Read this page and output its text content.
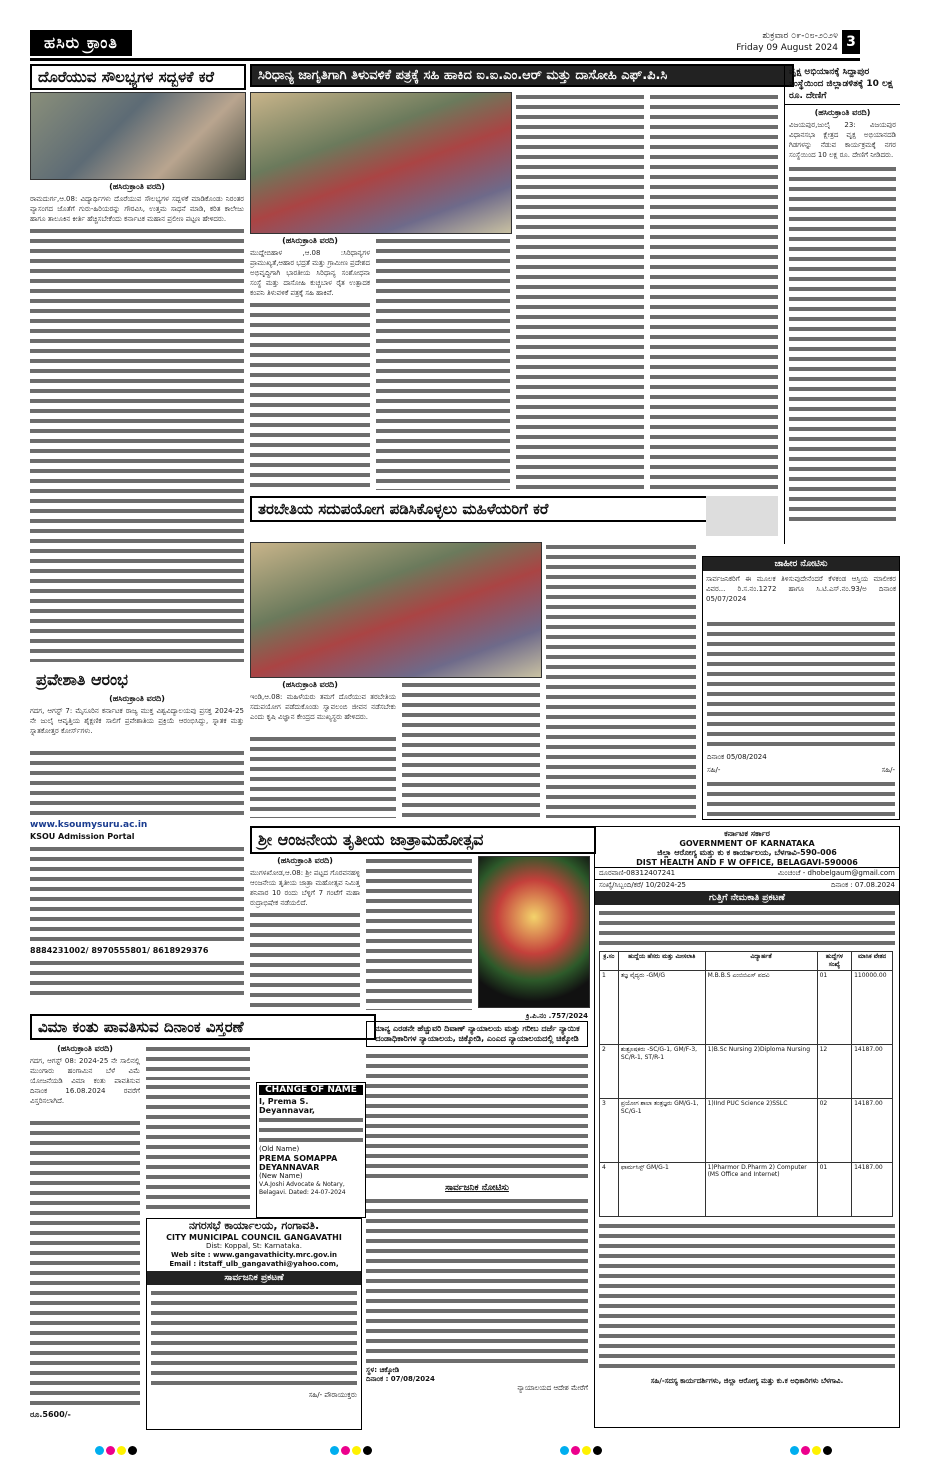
ಹಸಿರು ಕ್ರಾಂತಿ	ಶುಕ್ರವಾರ ೦೯-೦೮-೨೦೨೪
Friday 09 August 2024 3
ದೊರೆಯುವ ಸೌಲಭ್ಯಗಳ ಸದ್ಬಳಕೆ ಕರೆ
(ಹಸಿರುಕ್ರಾಂತಿ ವರದಿ)
ರಾಮದುರ್ಗ,ಆ.08: ವಿದ್ಯಾರ್ಥಿಗಳು ದೊರೆಯುವ ಸೌಲಭ್ಯಗಳ ಸದ್ಬಳಕೆ ಮಾಡಿಕೊಂಡು ನಿರಂತರ ವ್ಯಾಸಂಗದ ಜೊತೆಗೆ ಗುರು-ಹಿರಿಯರನ್ನು ಗೌರವಿಸಿ, ಉತ್ತಮ ಸಾಧನೆ ಮಾಡಿ, ಕರಿತ ಕಾಲೇಜು ಹಾಗೂ ತಾಲೂಕಿನ ಕೀರ್ತಿ ಹೆಚ್ಚಿಸಬೇಕೆಂದು ಕರ್ನಾಟಕ ಮಹಾನ ಪ್ರಲೀಣ ಪಟ್ಟಣ ಹೇಳಿದರು.
ಸಿರಿಧಾನ್ಯ ಜಾಗೃತಿಗಾಗಿ ತಿಳುವಳಿಕೆ ಪತ್ರಕ್ಕೆ ಸಹಿ ಹಾಕಿದ ಐ.ಐ.ಎಂ.ಆರ್ ಮತ್ತು ದಾಸೋಹಿ ಎಫ್.ಪಿ.ಸಿ
(ಹಸಿರುಕ್ರಾಂತಿ ವರದಿ)
ಮುದ್ದೇಬಿಹಾಳ ,ಆ.08 :ಸಿರಿಧಾನ್ಯಗಳ ಪ್ರಾಮುಖ್ಯತೆ,ಆಹಾರ ಭದ್ರತೆ ಮತ್ತು ಗ್ರಾಮೀಣ ಪ್ರದೇಶದ ಅಭಿವೃದ್ಧಿಗಾಗಿ ಭಾರತೀಯ ಸಿರಿಧಾನ್ಯ ಸಂಶೋಧನಾ ಸಂಸ್ಥೆ ಮತ್ತು ದಾಸೋಹಿ ಕುಚ್ಚಬಾಳ ರೈತ ಉತ್ಪಾದಕ ಕಂಪನಿ ತಿಳುವಳಿಕೆ ಪತ್ರಕ್ಕೆ ಸಹಿ ಹಾಕಿವೆ.
ವೃಕ್ಷ ಅಭಿಯಾನಕ್ಕೆ ಸಿದ್ದಾಪುರ ಸಂಸ್ಥೆಯಿಂದ ಜಿಲ್ಲಾಡಳಿತಕ್ಕೆ 10 ಲಕ್ಷ ರೂ. ದೇಣಿಗೆ
(ಹಸಿರುಕ್ರಾಂತಿ ವರದಿ)
ವಿಜಯಪುರ,ಜುಲೈ 23: ವಿಜಯಪುರ ವಿಧಾನಸಭಾ ಕ್ಷೇತ್ರದ ವೃಕ್ಷ ಅಭಿಯಾನದಡಿ ಗಿಡಗಳನ್ನು ನೆಡುವ ಕಾರ್ಯಕ್ರಮಕ್ಕೆ ನಗರ ಸಂಸ್ಥೆಯಿಂದ 10 ಲಕ್ಷ ರೂ. ದೇಣಿಗೆ ನೀಡಿದರು.
ತರಬೇತಿಯ ಸದುಪಯೋಗ ಪಡಿಸಿಕೊಳ್ಳಲು ಮಹಿಳೆಯರಿಗೆ ಕರೆ
(ಹಸಿರುಕ್ರಾಂತಿ ವರದಿ)
ಇಂಡಿ,ಆ.08: ಮಹಿಳೆಯರು ತಮಗೆ ದೊರೆಯುವ ತರಬೇತಿಯ ಸದುಪಯೋಗ ಪಡೆದುಕೊಂಡು ಸ್ವಾವಲಂಬಿ ಜೀವನ ನಡೆಸಬೇಕು ಎಂದು ಕೃಷಿ ವಿಜ್ಞಾನ ಕೇಂದ್ರದ ಮುಖ್ಯಸ್ಥರು ಹೇಳಿದರು.
ಜಾಹೀರ ನೋಟಿಸು
ಸಾರ್ವಜನಿಕರಿಗೆ ಈ ಮೂಲಕ ತಿಳಿಸುವುದೇನೆಂದರೆ ಕೆಳಕಂಡ ಆಸ್ತಿಯ ಮಾಲೀಕರ ವಿವರ... ರಿ.ಸ.ನಂ.1272 ಹಾಗೂ ಸಿ.ಟಿ.ಎಸ್.ನಂ.93/ಅ ದಿನಾಂಕ 05/07/2024
ದಿನಾಂಕ 05/08/2024
ಸಹಿ/-	ಸಹಿ/-
ಪ್ರವೇಶಾತಿ ಆರಂಭ
(ಹಸಿರುಕ್ರಾಂತಿ ವರದಿ)
ಗದಗ, ಆಗಸ್ಟ್ 7: ಮೈಸೂರಿನ ಕರ್ನಾಟಕ ರಾಜ್ಯ ಮುಕ್ತ ವಿಶ್ವವಿದ್ಯಾಲಯವು ಪ್ರಸಕ್ತ 2024-25 ನೇ ಜುಲೈ ಆವೃತ್ತಿಯ ಶೈಕ್ಷಣಿಕ ಸಾಲಿಗೆ ಪ್ರವೇಶಾತಿಯ ಪ್ರಕ್ರಿಯೆ ಆರಂಭಿಸಿದ್ದು, ಸ್ನಾತಕ ಮತ್ತು ಸ್ನಾತಕೋತ್ತರ ಕೋರ್ಸ್‌ಗಳು.
www.ksoumysuru.ac.in
KSOU Admission Portal
8884231002/ 8970555801/ 8618929376
ಶ್ರೀ ಆಂಜನೇಯ ತೃತೀಯ ಜಾತ್ರಾಮಹೋತ್ಸವ
(ಹಸಿರುಕ್ರಾಂತಿ ವರದಿ)
ಮುಗಳಖೋಡ,ಆ.08: ಶ್ರೀ ಪಟ್ಟದ ಗೊರವನಹಳ್ಳಿ ಆಂಜನೇಯ ತೃತೀಯ ಜಾತ್ರಾ ಮಹೋತ್ಸವ ನಿಮಿತ್ತ ಶನಿವಾರ 10 ರಂದು ಬೆಳ್ಳಿಗೆ 7 ಗಂಟೆಗೆ ಮಹಾ ರುದ್ರಾಭಿಷೇಕ ನಡೆಯಲಿದೆ.
ಕರ್ನಾಟಕ ಸರ್ಕಾರ
GOVERNMENT OF KARNATAKA
ಜಿಲ್ಲಾ ಆರೋಗ್ಯ ಮತ್ತು ಕು ಕ ಕಾರ್ಯಾಲಯ, ಬೆಳಗಾವಿ-590-006
DIST HEALTH AND F W OFFICE, BELAGAVI-590006
ದೂರವಾಣಿ-08312407241	ಮಿಂಚಂಚೆ - dhobelgaum@gmail.com
ಸಂಖ್ಯೆ/ಸಿಬ್ಬಂದಿ/ಕರೆ/ 10/2024-25	ದಿನಾಂಕ : 07.08.2024
ಗುತ್ತಿಗೆ ನೇಮಕಾತಿ ಪ್ರಕಟಣೆ
ಕ್ರ.ಸಂ	ಹುದ್ದೆಯ ಹೆಸರು ಮತ್ತು ಮೀಸಲಾತಿ	ವಿದ್ಯಾರ್ಹತೆ	ಹುದ್ದೆಗಳ ಸಂಖ್ಯೆ	ಮಾಸಿಕ ವೇತನ
1	ತಜ್ಞ ವೈದ್ಯರು -GM/G	M.B.B.S ಎಂಬಿಬಿಎಸ್ ಪದವಿ	01	110000.00
2	ಶುಶ್ರೂಷಕರು -SC/G-1, GM/F-3, SC/R-1, ST/R-1	1)B.Sc Nursing 2)Diploma Nursing	12	14187.00
3	ಪ್ರಯೋಗ ಶಾಲಾ ತಂತ್ರಜ್ಞರು GM/G-1, SC/G-1	1)IInd PUC Science 2)SSLC	02	14187.00
4	ಫಾರ್ಮಸಿಸ್ಟ್ GM/G-1	1)Pharmor D.Pharm 2) Computer (MS Office and Internet)	01	14187.00
ಸಹಿ/-ಸದಸ್ಯ ಕಾರ್ಯದರ್ಶಿಗಳು, ಜಿಲ್ಲಾ ಆರೋಗ್ಯ ಮತ್ತು ಕು.ಕ ಅಧಿಕಾರಿಗಳು ಬೆಳಗಾವಿ.
ವಿಮಾ ಕಂತು ಪಾವತಿಸುವ ದಿನಾಂಕ ವಿಸ್ತರಣೆ
(ಹಸಿರುಕ್ರಾಂತಿ ವರದಿ)
ಗದಗ, ಆಗಸ್ಟ್ 08: 2024-25 ನೇ ಸಾಲಿನಲ್ಲಿ ಮುಂಗಾರು ಹಂಗಾಮಿನ ಬೆಳೆ ವಿಮೆ ಯೋಜನೆಯಡಿ ವಿಮಾ ಕಂತು ಪಾವತಿಸುವ ದಿನಾಂಕ 16.08.2024 ರವರೆಗೆ ವಿಸ್ತರಿಸಲಾಗಿದೆ.
ರೂ.5600/-
CHANGE OF NAME
I, Prema S. Deyannavar,
(Old Name)
PREMA SOMAPPA DEYANNAVAR
(New Name)
V.A.Joshi Advocate & Notary, Belagavi. Dated: 24-07-2024
ನಗರಸಭೆ ಕಾರ್ಯಾಲಯ, ಗಂಗಾವತಿ.
CITY MUNICIPAL COUNCIL GANGAVATHI
Dist: Koppal, St: Karnataka.
Web site : www.gangavathicity.mrc.gov.in
Email : itstaff_ulb_gangavathi@yahoo.com,
ಸಾರ್ವಜನಿಕ ಪ್ರಕಟಣೆ
ಸಹಿ/- ಪೌರಾಯುಕ್ತರು
ಕ್ರಿ.ಪಿ.ನಂ .757/2024
ಮಾನ್ಯ ಎರಡನೇ ಹೆಚ್ಚುವರಿ ದಿವಾಣ್ ನ್ಯಾಯಾಲಯ ಮತ್ತು ಗರೀಬ ದರ್ಜೆ ನ್ಯಾಯಿಕ ದಂಡಾಧಿಕಾರಿಗಳ ನ್ಯಾಯಾಲಯ, ಚಿಕ್ಕೋಡಿ, ಎಂಎದ ನ್ಯಾಯಾಲಯದಲ್ಲಿ ಚಿಕ್ಕೋಡಿ
ಸಾರ್ವಜನಿಕ ನೋಟಿಸು
ಸ್ಥಳ: ಚಿಕ್ಕೋಡಿ
ದಿನಾಂಕ : 07/08/2024
ನ್ಯಾಯಾಲಯದ ಆದೇಶ ಮೇರೆಗೆ
